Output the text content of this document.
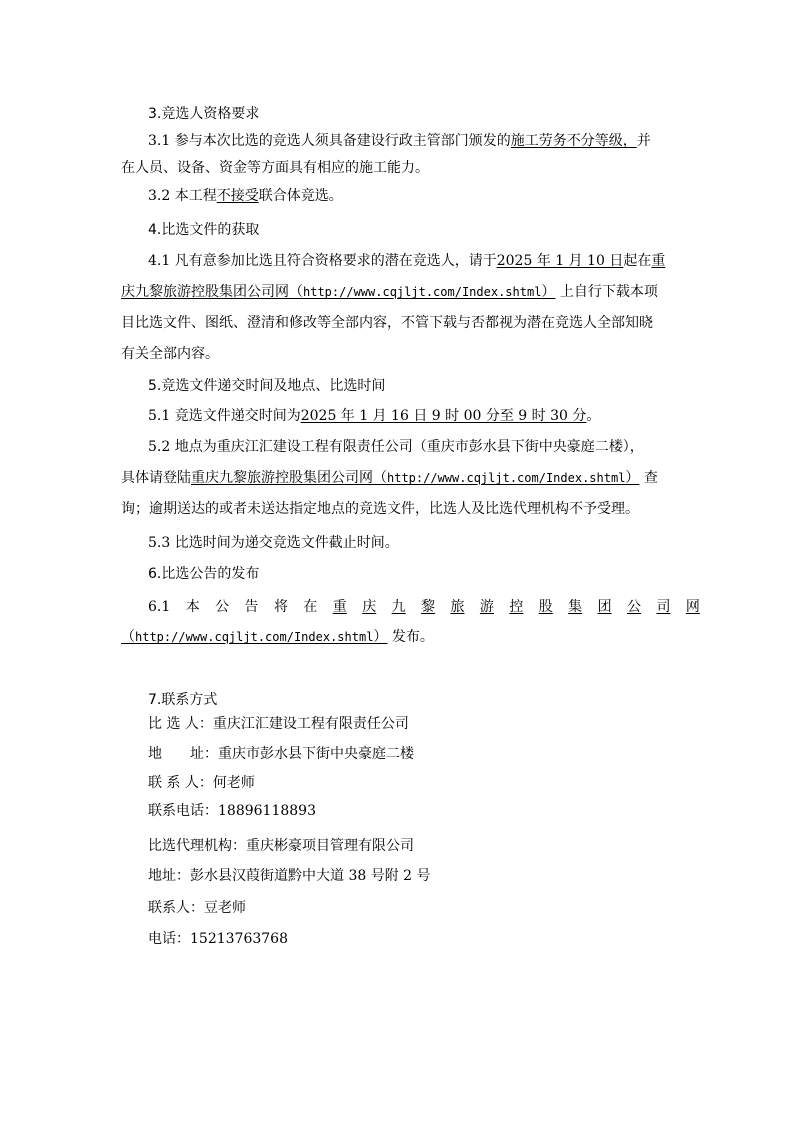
3.竞选人资格要求
3.1 参与本次比选的竞选人须具备建设行政主管部门颁发的施工劳务不分等级，并
在人员、设备、资金等方面具有相应的施工能力。
3.2 本工程不接受联合体竞选。
4.比选文件的获取
4.1 凡有意参加比选且符合资格要求的潜在竞选人，请于2025 年 1 月 10 日起在重
庆九黎旅游控股集团公司网（http://www.cqjljt.com/Index.shtml） 上自行下载本项
目比选文件、图纸、澄清和修改等全部内容，不管下载与否都视为潜在竞选人全部知晓
有关全部内容。
5.竞选文件递交时间及地点、比选时间
5.1 竞选文件递交时间为2025 年 1 月 16 日 9 时 00 分至 9 时 30 分。
5.2 地点为重庆江汇建设工程有限责任公司（重庆市彭水县下街中央豪庭二楼），
具体请登陆重庆九黎旅游控股集团公司网（http://www.cqjljt.com/Index.shtml） 查
询；逾期送达的或者未送达指定地点的竞选文件，比选人及比选代理机构不予受理。
5.3 比选时间为递交竞选文件截止时间。
6.比选公告的发布
6.1 本 公 告 将 在 重 庆 九 黎 旅 游 控 股 集 团 公 司 网
（http://www.cqjljt.com/Index.shtml） 发布。
7.联系方式
比 选 人：重庆江汇建设工程有限责任公司
地　　址：重庆市彭水县下街中央豪庭二楼
联 系 人：何老师
联系电话：18896118893
比选代理机构：重庆彬豪项目管理有限公司
地址：彭水县汉葭街道黔中大道 38 号附 2 号
联系人：豆老师
电话：15213763768
